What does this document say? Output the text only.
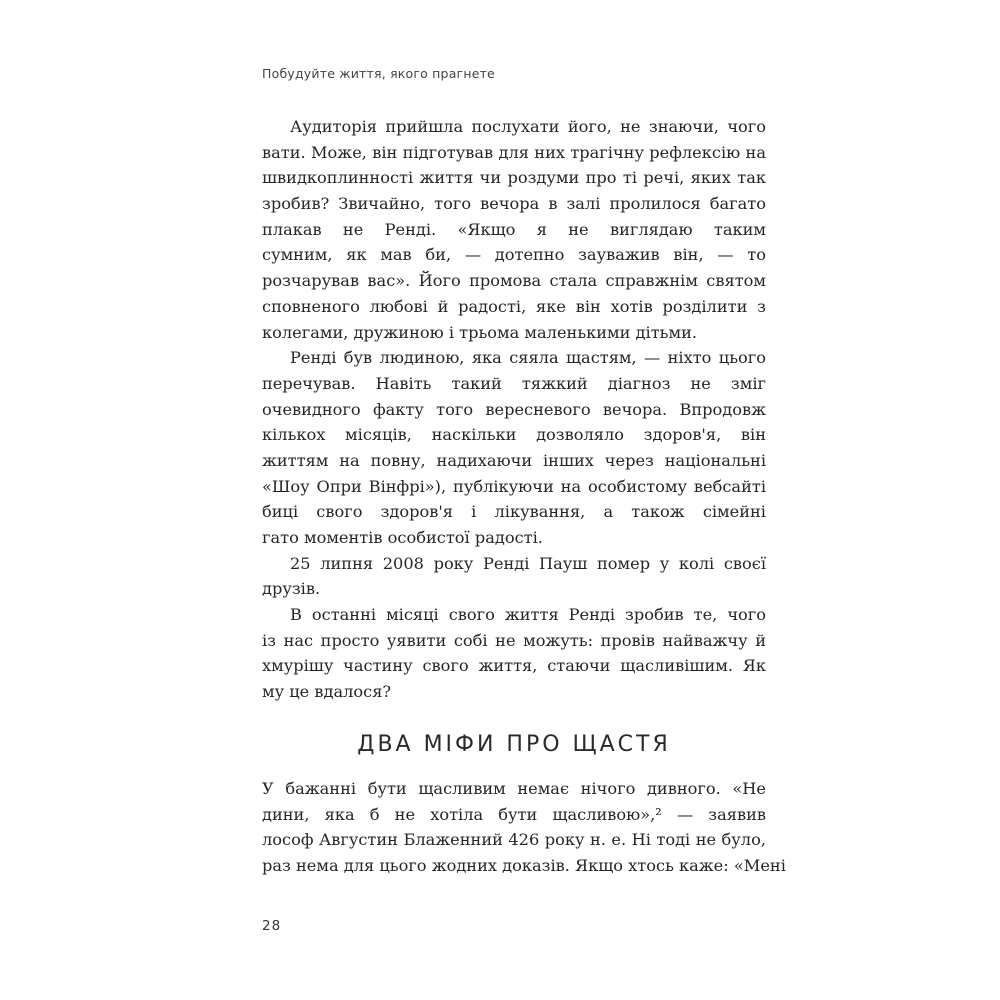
Побудуйте життя, якого прагнете
Аудиторія прийшла послухати його, не знаючи, чого
вати. Може, він підготував для них трагічну рефлексію на
швидкоплинності життя чи роздуми про ті речі, яких так
зробив? Звичайно, того вечора в залі пролилося багато
плакав не Ренді. «Якщо я не виглядаю таким
сумним, як мав би, — дотепно зауважив він, — то
розчарував вас». Його промова стала справжнім святом
сповненого любові й радості, яке він хотів розділити з
колегами, дружиною і трьома маленькими дітьми.
Ренді був людиною, яка сяяла щастям, — ніхто цього
перечував. Навіть такий тяжкий діагноз не зміг
очевидного факту того вересневого вечора. Впродовж
кількох місяців, наскільки дозволяло здоров'я, він
життям на повну, надихаючи інших через національні
«Шоу Опри Вінфрі»), публікуючи на особистому вебсайті
биці свого здоров'я і лікування, а також сімейні
гато моментів особистої радості.
25 липня 2008 року Ренді Пауш помер у колі своєї
друзів.
В останні місяці свого життя Ренді зробив те, чого
із нас просто уявити собі не можуть: провів найважчу й
хмурішу частину свого життя, стаючи щасливішим. Як
му це вдалося?
ДВА МІФИ ПРО ЩАСТЯ
У бажанні бути щасливим немає нічого дивного. «Не
дини, яка б не хотіла бути щасливою»,² — заявив
лософ Августин Блаженний 426 року н. е. Ні тоді не було,
раз нема для цього жодних доказів. Якщо хтось каже: «Мені
28
